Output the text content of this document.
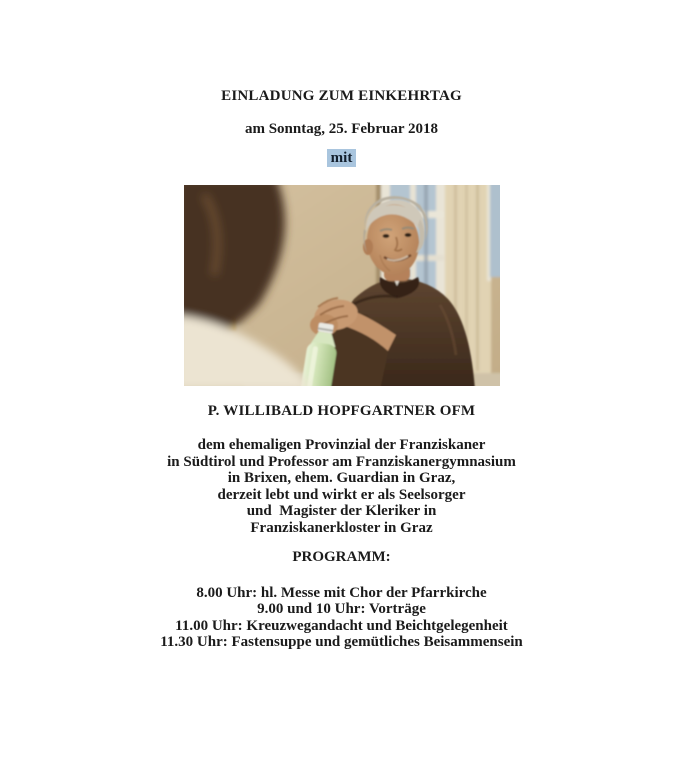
EINLADUNG ZUM EINKEHRTAG

am Sonntag, 25. Februar 2018

mit

P. WILLIBALD HOPFGARTNER OFM

dem ehemaligen Provinzial der Franziskaner

in Südtirol und Professor am Franziskanergymnasium

in Brixen, ehem. Guardian in Graz,

derzeit lebt und wirkt er als Seelsorger

und  Magister der Kleriker in

Franziskanerkloster in Graz

PROGRAMM:

8.00 Uhr: hl. Messe mit Chor der Pfarrkirche

9.00 und 10 Uhr: Vorträge

11.00 Uhr: Kreuzwegandacht und Beichtgelegenheit

11.30 Uhr: Fastensuppe und gemütliches Beisammensein
